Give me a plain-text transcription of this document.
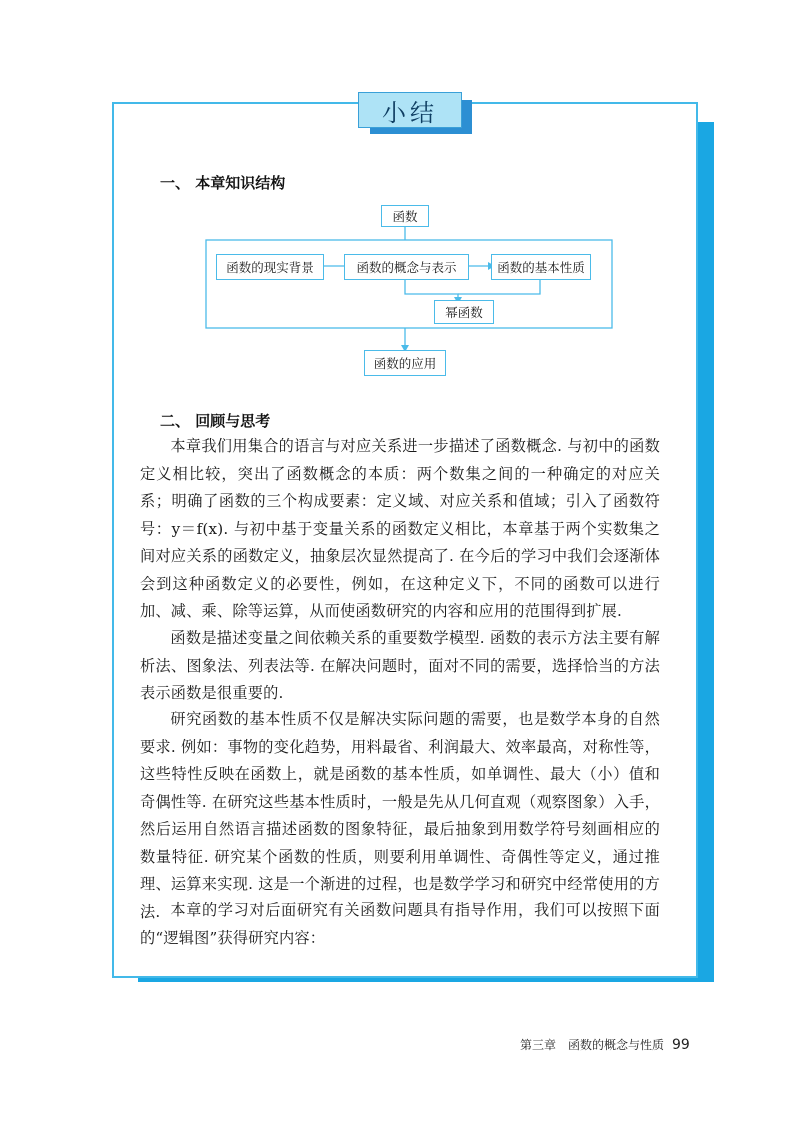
小结
一、 本章知识结构
函数
函数的现实背景	函数的概念与表示	函数的基本性质
幂函数
函数的应用
二、 回顾与思考

本章我们用集合的语言与对应关系进一步描述了函数概念. 与初中的函数定义相比较，突出了函数概念的本质：两个数集之间的一种确定的对应关系；明确了函数的三个构成要素：定义域、对应关系和值域；引入了函数符号：y＝f(x). 与初中基于变量关系的函数定义相比，本章基于两个实数集之间对应关系的函数定义，抽象层次显然提高了. 在今后的学习中我们会逐渐体会到这种函数定义的必要性，例如，在这种定义下，不同的函数可以进行加、减、乘、除等运算，从而使函数研究的内容和应用的范围得到扩展.

函数是描述变量之间依赖关系的重要数学模型. 函数的表示方法主要有解析法、图象法、列表法等. 在解决问题时，面对不同的需要，选择恰当的方法表示函数是很重要的.

研究函数的基本性质不仅是解决实际问题的需要，也是数学本身的自然要求. 例如：事物的变化趋势，用料最省、利润最大、效率最高，对称性等，这些特性反映在函数上，就是函数的基本性质，如单调性、最大（小）值和奇偶性等. 在研究这些基本性质时，一般是先从几何直观（观察图象）入手，然后运用自然语言描述函数的图象特征，最后抽象到用数学符号刻画相应的数量特征. 研究某个函数的性质，则要利用单调性、奇偶性等定义，通过推理、运算来实现. 这是一个渐进的过程，也是数学学习和研究中经常使用的方法. 本章的学习对后面研究有关函数问题具有指导作用，我们可以按照下面的“逻辑图”获得研究内容：

第三章　函数的概念与性质 99
